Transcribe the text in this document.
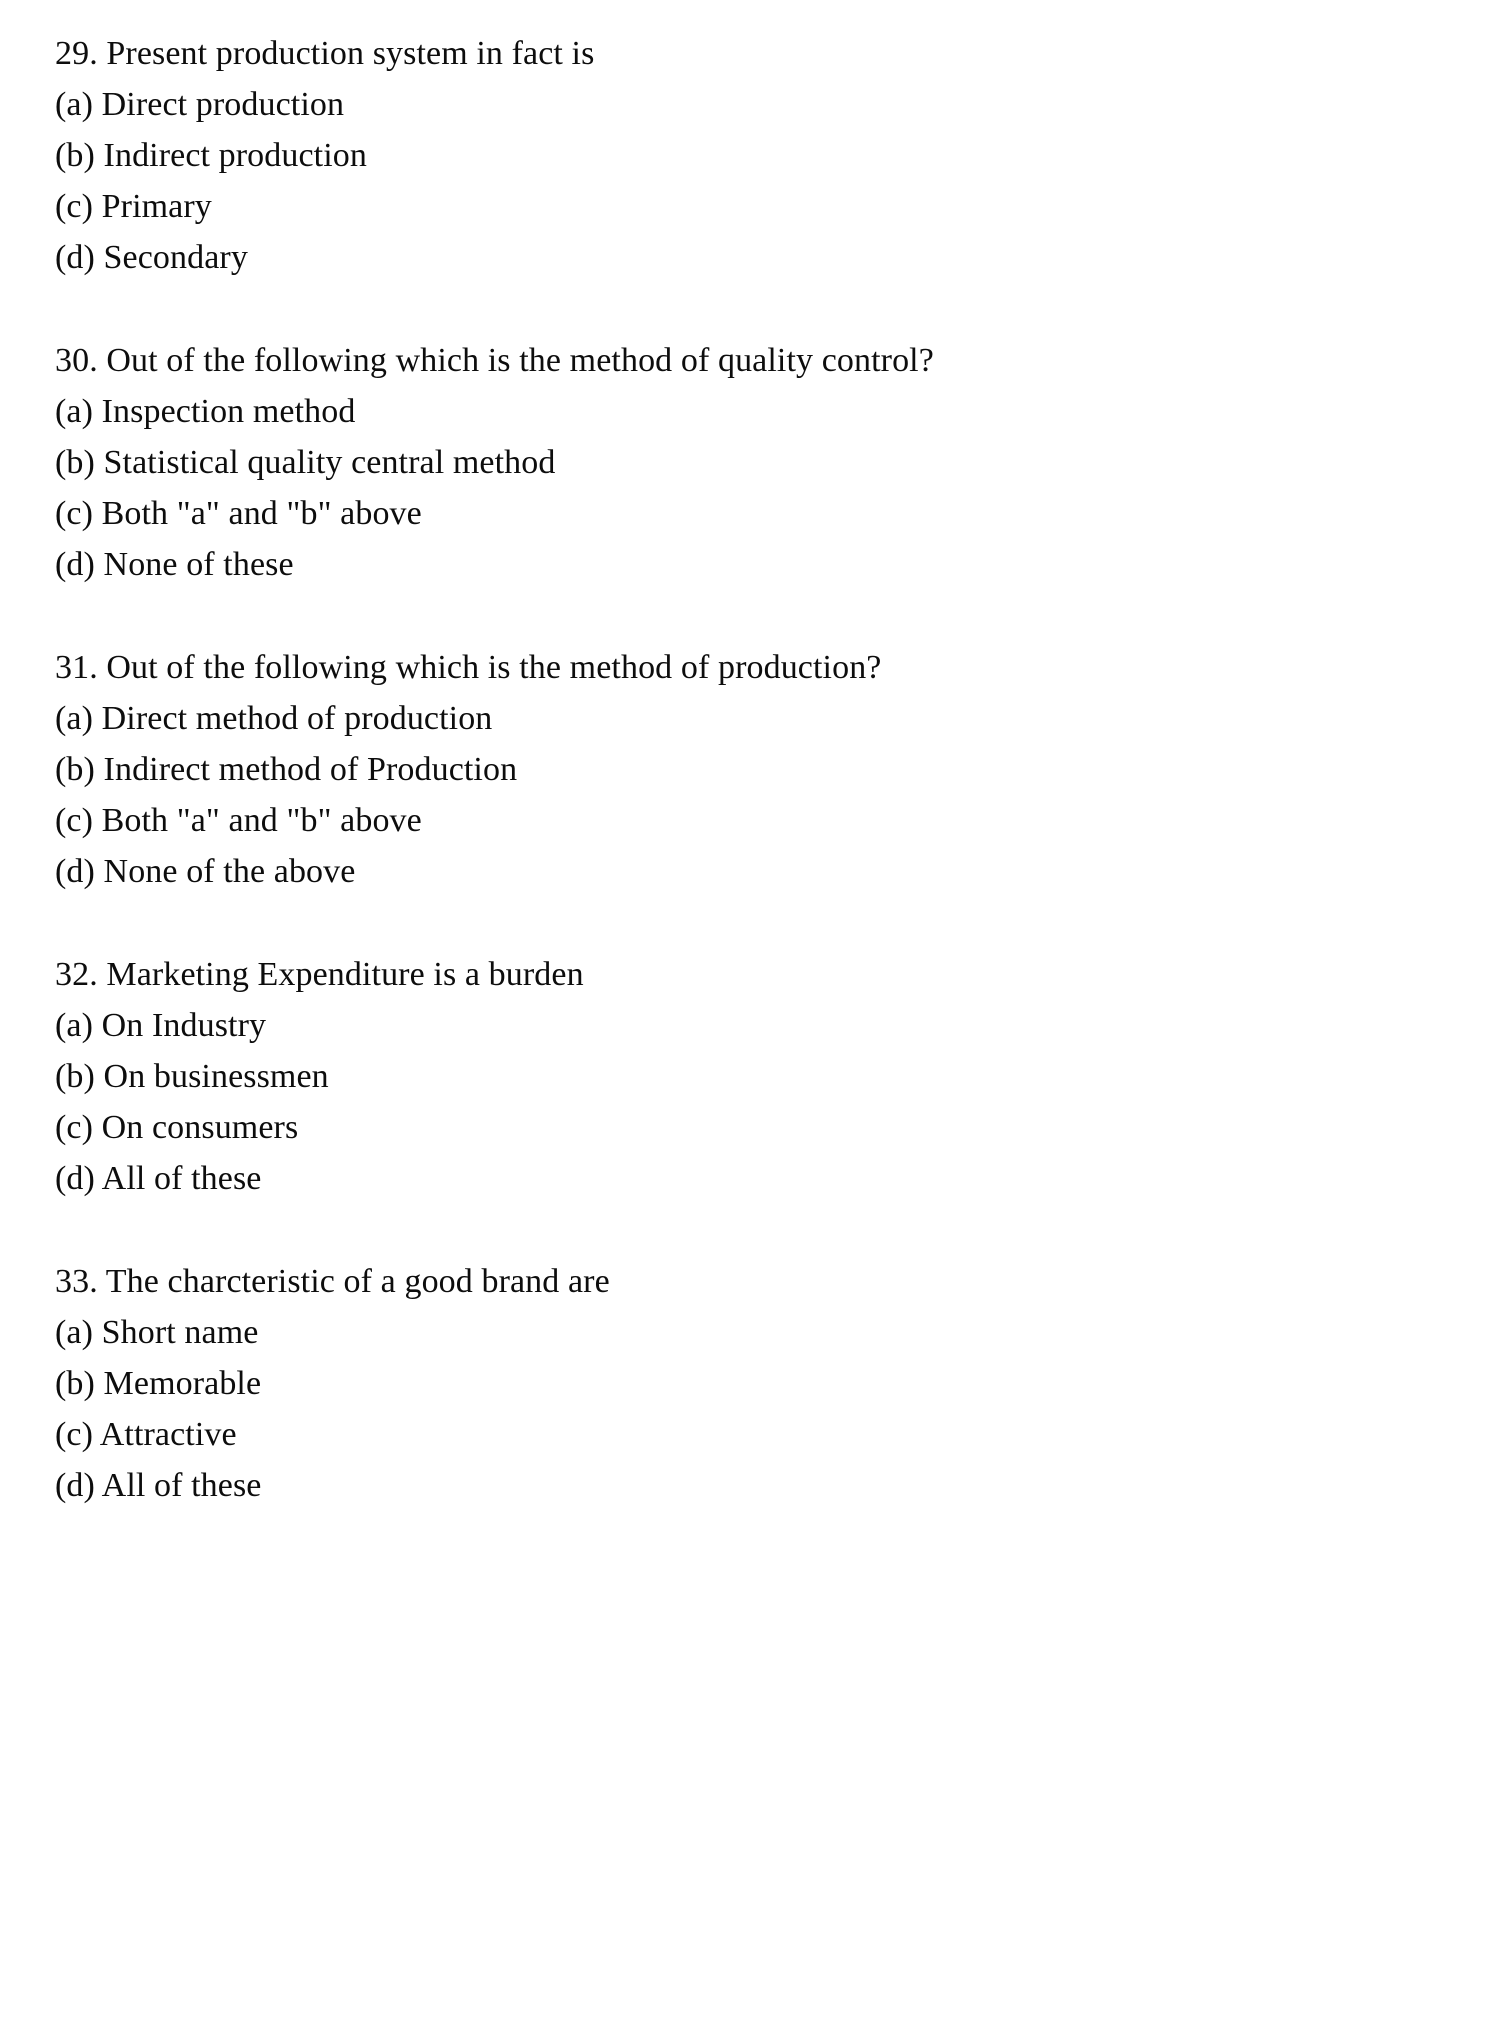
29. Present production system in fact is

(a) Direct production

(b) Indirect production

(c) Primary

(d) Secondary

30. Out of the following which is the method of quality control?

(a) Inspection method

(b) Statistical quality central method

(c) Both "a" and "b" above

(d) None of these

31. Out of the following which is the method of production?

(a) Direct method of production

(b) Indirect method of Production

(c) Both "a" and "b" above

(d) None of the above

32. Marketing Expenditure is a burden

(a) On Industry

(b) On businessmen

(c) On consumers

(d) All of these

33. The charcteristic of a good brand are

(a) Short name

(b) Memorable

(c) Attractive

(d) All of these
